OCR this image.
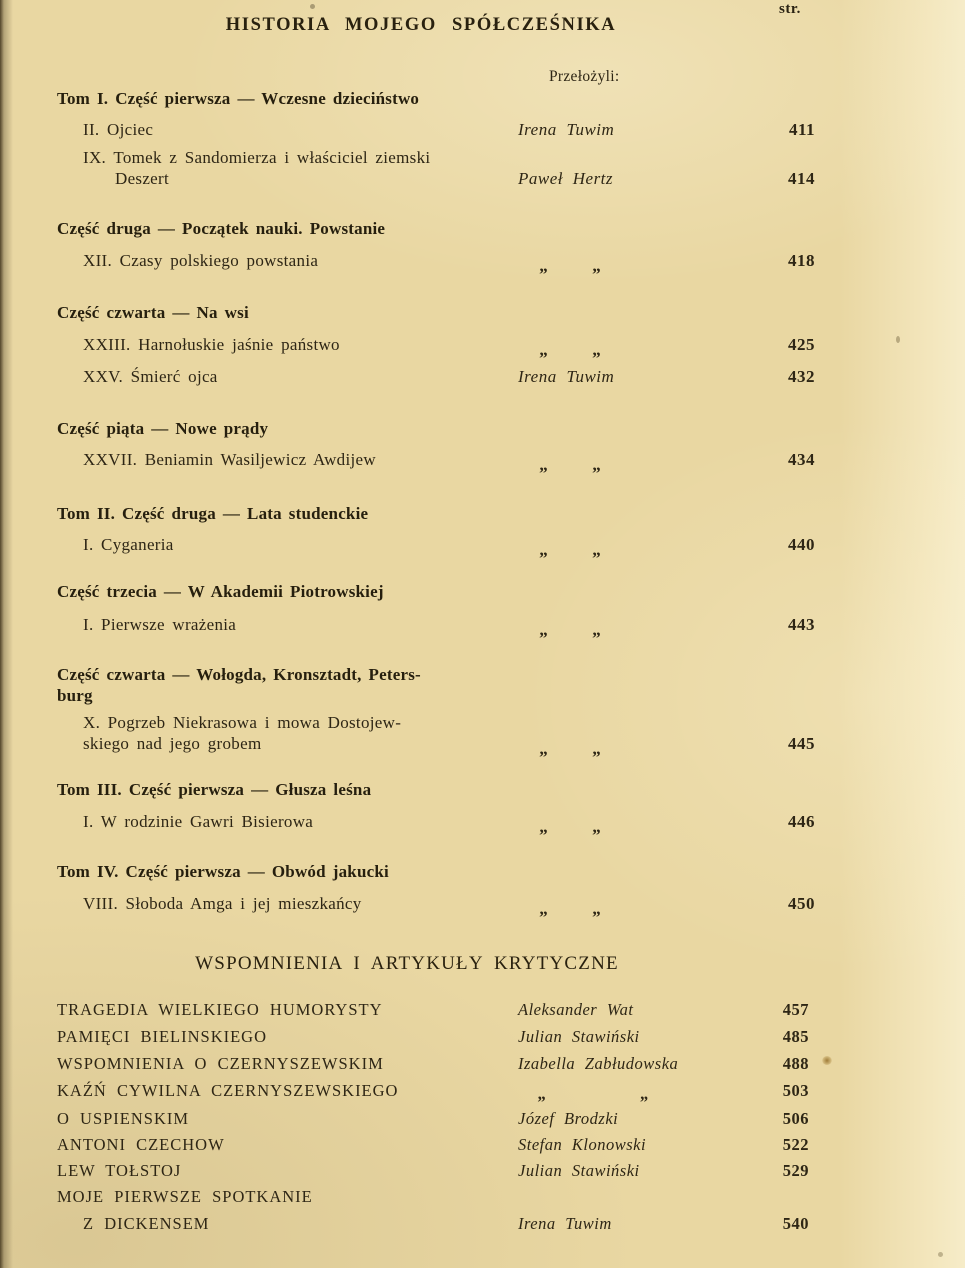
str.
HISTORIA MOJEGO SPÓŁCZEŚNIKA
Przełożyli:
Tom I. Część pierwsza — Wczesne dzieciństwo
II. Ojciec	Irena Tuwim	411
IX. Tomek z Sandomierza i właściciel ziemski
Deszert	Paweł Hertz	414
Część druga — Początek nauki. Powstanie
XII. Czasy polskiego powstania	„   „	418
Część czwarta — Na wsi
XXIII. Harnołuskie jaśnie państwo	„   „	425
XXV. Śmierć ojca	Irena Tuwim	432
Część piąta — Nowe prądy
XXVII. Beniamin Wasiljewicz Awdijew	„   „	434
Tom II. Część druga — Lata studenckie
I. Cyganeria	„   „	440
Część trzecia — W Akademii Piotrowskiej
I. Pierwsze wrażenia	„   „	443
Część czwarta — Wołogda, Kronsztadt, Peters-
burg
X. Pogrzeb Niekrasowa i mowa Dostojew-
skiego nad jego grobem	„   „	445
Tom III. Część pierwsza — Głusza leśna
I. W rodzinie Gawri Bisierowa	„   „	446
Tom IV. Część pierwsza — Obwód jakucki
VIII. Słoboda Amga i jej mieszkańcy	„   „	450
WSPOMNIENIA I ARTYKUŁY KRYTYCZNE
TRAGEDIA WIELKIEGO HUMORYSTY	Aleksander Wat	457
PAMIĘCI BIELINSKIEGO	Julian Stawiński	485
WSPOMNIENIA O CZERNYSZEWSKIM	Izabella Zabłudowska	488
KAŹŃ CYWILNA CZERNYSZEWSKIEGO	„      „	503
O USPIENSKIM	Józef Brodzki	506
ANTONI CZECHOW	Stefan Klonowski	522
LEW TOŁSTOJ	Julian Stawiński	529
MOJE PIERWSZE SPOTKANIE
Z DICKENSEM	Irena Tuwim	540
